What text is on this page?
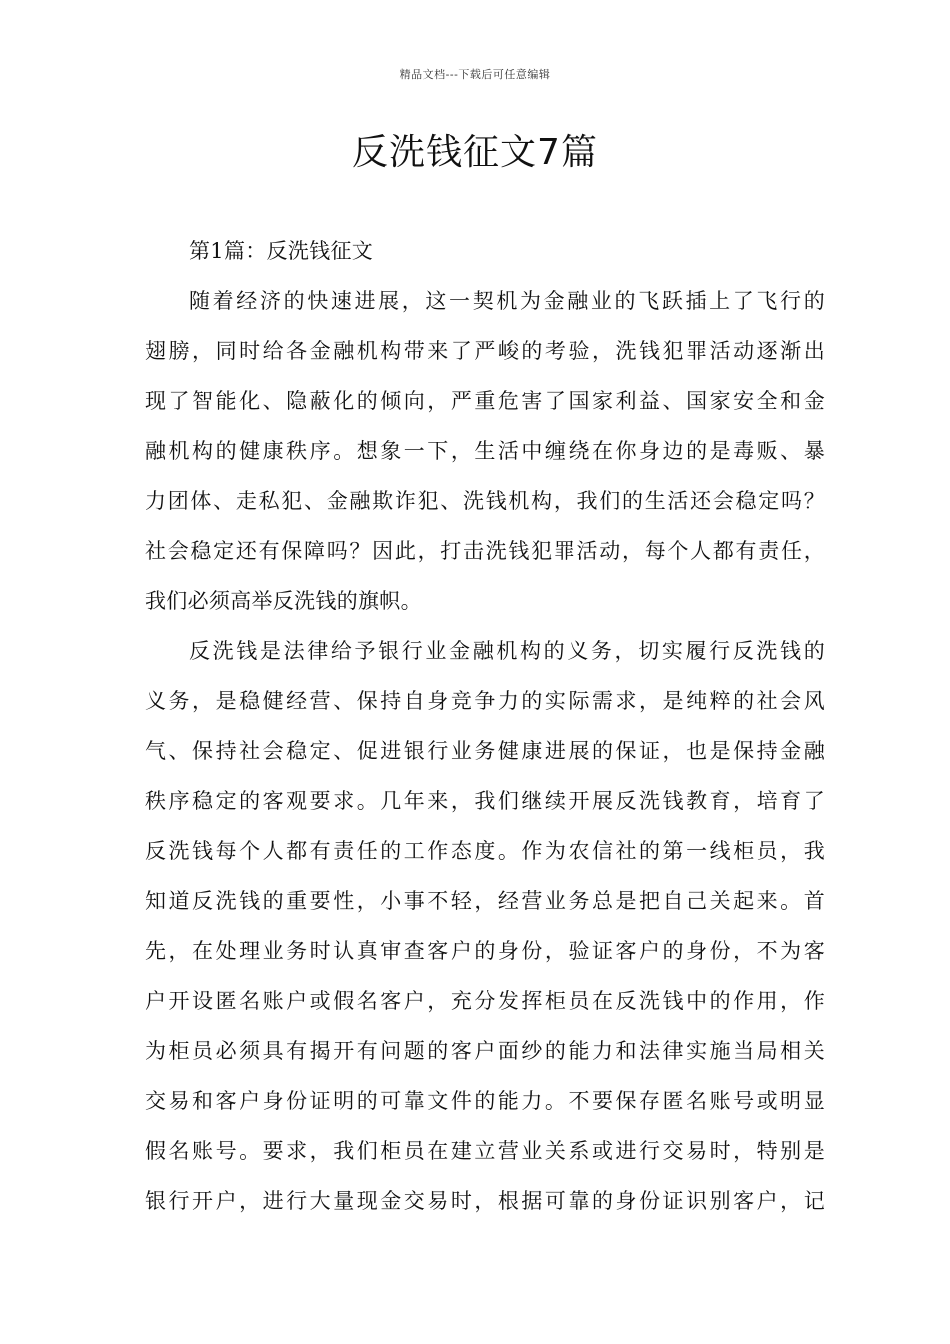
精品文档---下载后可任意编辑
反洗钱征文7篇
第1篇：反洗钱征文
随着经济的快速进展，这一契机为金融业的飞跃插上了飞行的
翅膀，同时给各金融机构带来了严峻的考验，洗钱犯罪活动逐渐出
现了智能化、隐蔽化的倾向，严重危害了国家利益、国家安全和金
融机构的健康秩序。想象一下，生活中缠绕在你身边的是毒贩、暴
力团体、走私犯、金融欺诈犯、洗钱机构，我们的生活还会稳定吗？
社会稳定还有保障吗？因此，打击洗钱犯罪活动，每个人都有责任，
我们必须高举反洗钱的旗帜。
反洗钱是法律给予银行业金融机构的义务，切实履行反洗钱的
义务，是稳健经营、保持自身竞争力的实际需求，是纯粹的社会风
气、保持社会稳定、促进银行业务健康进展的保证，也是保持金融
秩序稳定的客观要求。几年来，我们继续开展反洗钱教育，培育了
反洗钱每个人都有责任的工作态度。作为农信社的第一线柜员，我
知道反洗钱的重要性，小事不轻，经营业务总是把自己关起来。首
先，在处理业务时认真审查客户的身份，验证客户的身份，不为客
户开设匿名账户或假名客户，充分发挥柜员在反洗钱中的作用，作
为柜员必须具有揭开有问题的客户面纱的能力和法律实施当局相关
交易和客户身份证明的可靠文件的能力。不要保存匿名账号或明显
假名账号。要求，我们柜员在建立营业关系或进行交易时，特别是
银行开户，进行大量现金交易时，根据可靠的身份证识别客户，记
